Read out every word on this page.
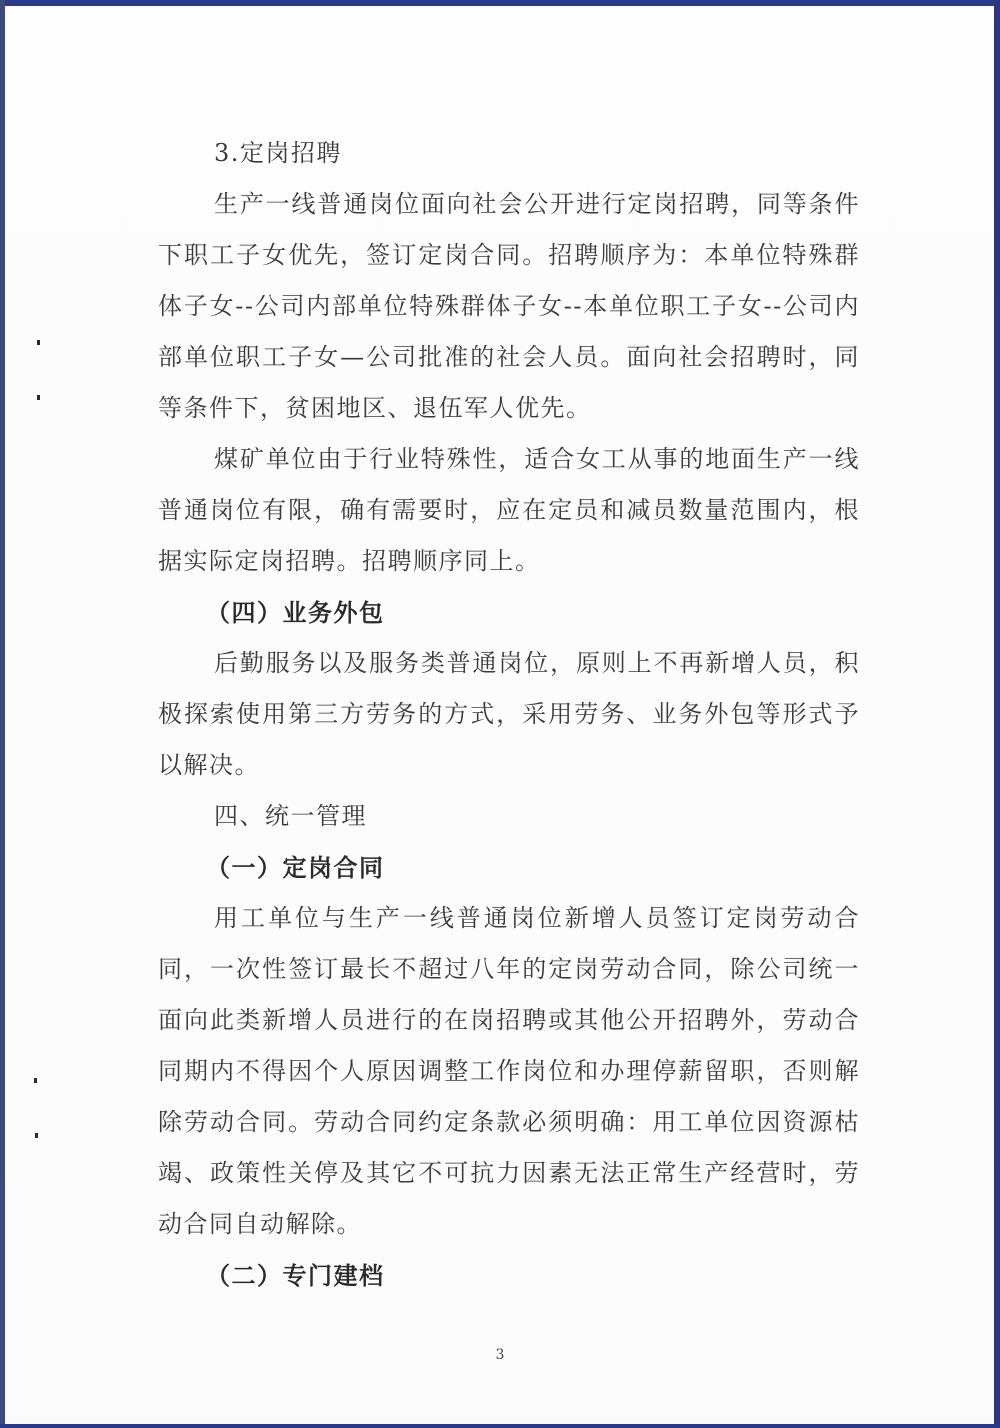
3.定岗招聘

生产一线普通岗位面向社会公开进行定岗招聘，同等条件下职工子女优先，签订定岗合同。招聘顺序为：本单位特殊群体子女--公司内部单位特殊群体子女--本单位职工子女--公司内部单位职工子女—公司批准的社会人员。面向社会招聘时，同等条件下，贫困地区、退伍军人优先。

煤矿单位由于行业特殊性，适合女工从事的地面生产一线普通岗位有限，确有需要时，应在定员和减员数量范围内，根据实际定岗招聘。招聘顺序同上。

（四）业务外包

后勤服务以及服务类普通岗位，原则上不再新增人员，积极探索使用第三方劳务的方式，采用劳务、业务外包等形式予以解决。

四、统一管理

（一）定岗合同

用工单位与生产一线普通岗位新增人员签订定岗劳动合同，一次性签订最长不超过八年的定岗劳动合同，除公司统一面向此类新增人员进行的在岗招聘或其他公开招聘外，劳动合同期内不得因个人原因调整工作岗位和办理停薪留职，否则解除劳动合同。劳动合同约定条款必须明确：用工单位因资源枯竭、政策性关停及其它不可抗力因素无法正常生产经营时，劳动合同自动解除。

（二）专门建档

3
